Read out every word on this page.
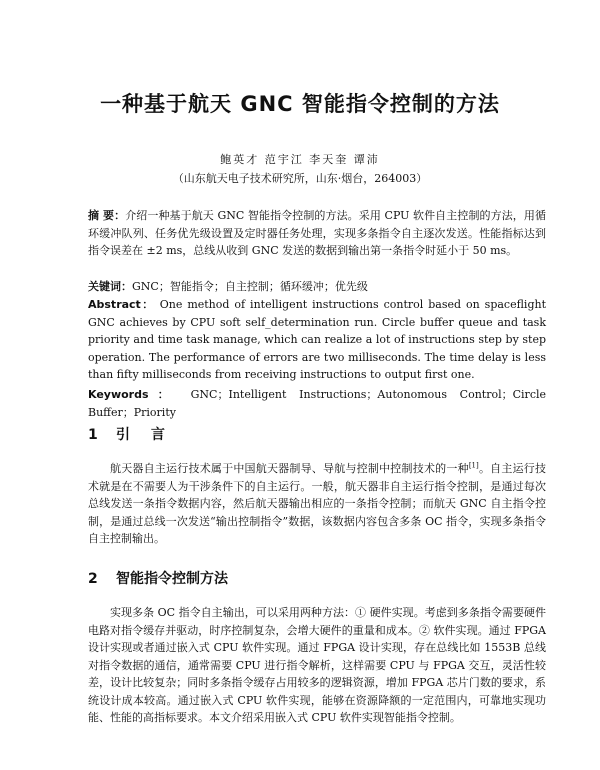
一种基于航天 GNC 智能指令控制的方法
鲍英才 范宇江 李天奎 谭沛
（山东航天电子技术研究所，山东·烟台，264003）
摘 要：介绍一种基于航天 GNC 智能指令控制的方法。采用 CPU 软件自主控制的方法，用循环缓冲队列、任务优先级设置及定时器任务处理，实现多条指令自主逐次发送。性能指标达到指令误差在 ±2 ms，总线从收到 GNC 发送的数据到输出第一条指令时延小于 50 ms。
关键词：GNC；智能指令；自主控制；循环缓冲；优先级
Abstract： One method of intelligent instructions control based on spaceflight GNC achieves by CPU soft self_determination run. Circle buffer queue and task priority and time task manage, which can realize a lot of instructions step by step operation. The performance of errors are two milliseconds. The time delay is less than fifty milliseconds from receiving instructions to output first one.
Keywords： GNC；Intelligent Instructions；Autonomous Control；Circle Buffer；Priority
1 引 言
航天器自主运行技术属于中国航天器制导、导航与控制中控制技术的一种[1]。自主运行技术就是在不需要人为干涉条件下的自主运行。一般，航天器非自主运行指令控制，是通过每次总线发送一条指令数据内容，然后航天器输出相应的一条指令控制；而航天 GNC 自主指令控制，是通过总线一次发送“输出控制指令”数据，该数据内容包含多条 OC 指令，实现多条指令自主控制输出。
2 智能指令控制方法
实现多条 OC 指令自主输出，可以采用两种方法：① 硬件实现。考虑到多条指令需要硬件电路对指令缓存并驱动，时序控制复杂，会增大硬件的重量和成本。② 软件实现。通过 FPGA 设计实现或者通过嵌入式 CPU 软件实现。通过 FPGA 设计实现，存在总线比如 1553B 总线对指令数据的通信，通常需要 CPU 进行指令解析，这样需要 CPU 与 FPGA 交互，灵活性较差，设计比较复杂；同时多条指令缓存占用较多的逻辑资源，增加 FPGA 芯片门数的要求，系统设计成本较高。通过嵌入式 CPU 软件实现，能够在资源降额的一定范围内，可靠地实现功能、性能的高指标要求。本文介绍采用嵌入式 CPU 软件实现智能指令控制。
